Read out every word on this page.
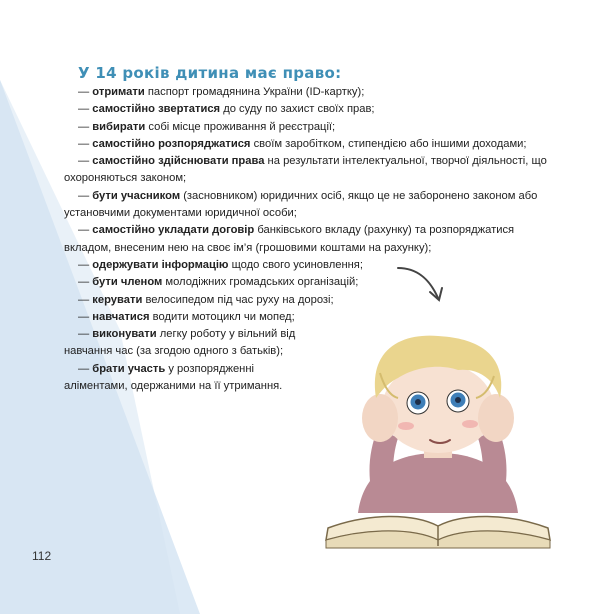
У 14 років дитина має право:

— отримати паспорт громадянина України (ID-картку);

— самостійно звертатися до суду по захист своїх прав;

— вибирати собі місце проживання й реєстрації;

— самостійно розпоряджатися своїм заробітком, стипендією або іншими доходами;

— самостійно здійснювати права на результати інтелектуальної, творчої діяльності, що охороняються законом;

— бути учасником (засновником) юридичних осіб, якщо це не заборонено законом або установчими документами юридичної особи;

— самостійно укладати договір банківського вкладу (рахунку) та розпоряджатися вкладом, внесеним нею на своє ім’я (грошовими коштами на рахунку);

— одержувати інформацію щодо свого усиновлення;

— бути членом молодіжних громадських організацій;

— керувати велосипедом під час руху на дорозі;

— навчатися водити мотоцикл чи мопед;

— виконувати легку роботу у вільний від навчання час (за згодою одного з батьків);

— брати участь у розпорядженні аліментами, одержаними на її утримання.

112
